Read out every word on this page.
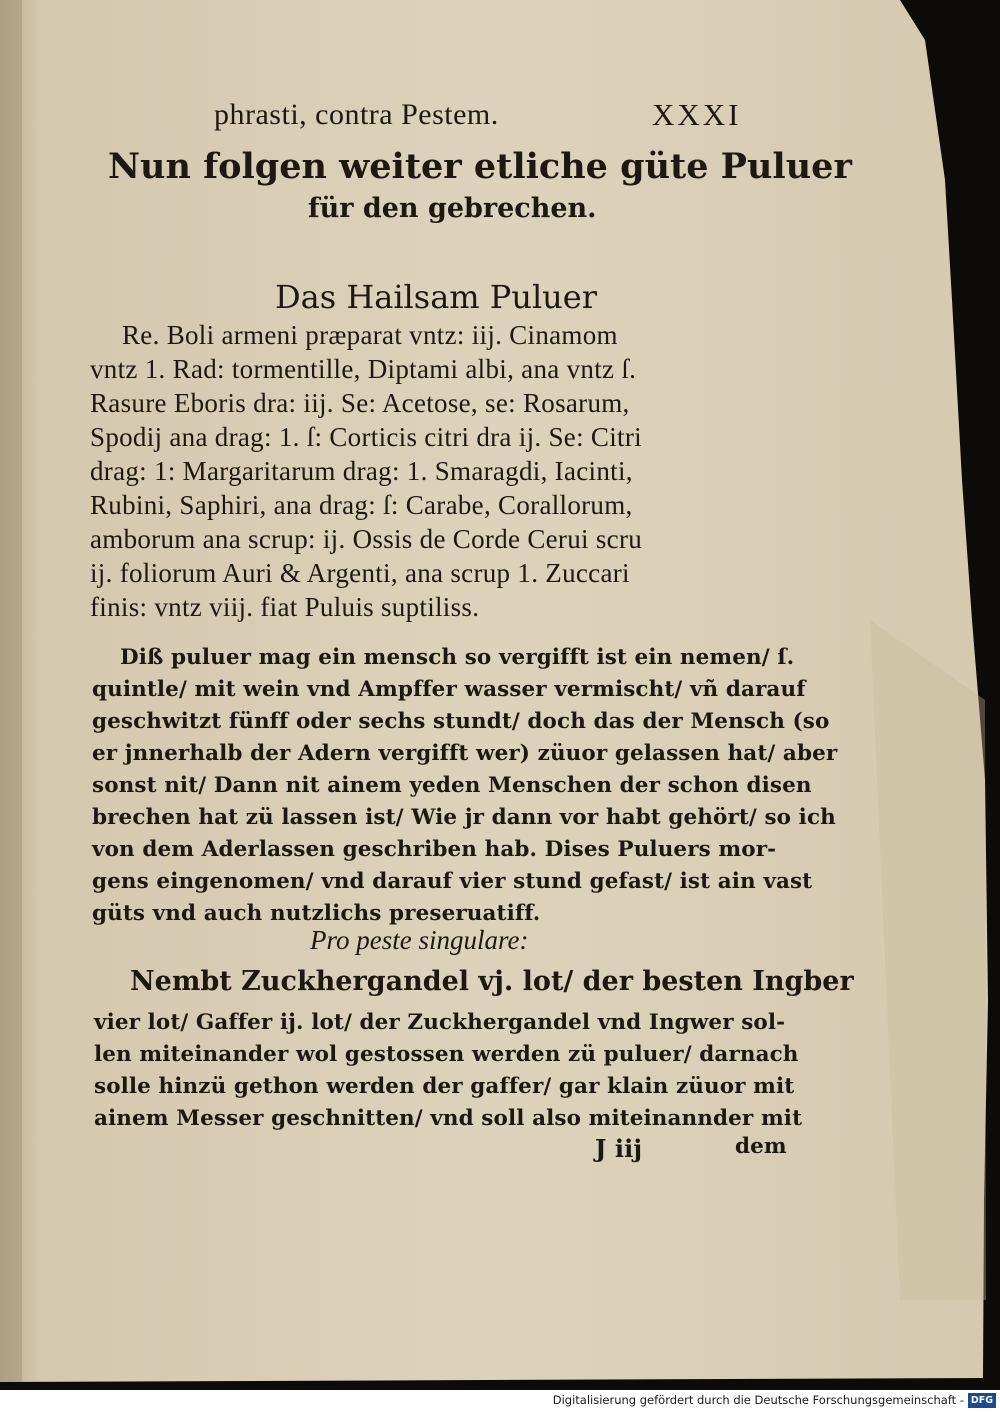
phrasti, contra Pestem.	XXXI
Nun folgen weiter etliche güte Puluer
für den gebrechen.
Das Hailsam Puluer
Re. Boli armeni præparat vntz: iij. Cinamom
vntz 1. Rad: tormentille, Diptami albi, ana vntz ſ.
Rasure Eboris dra: iij. Se: Acetose, se: Rosarum,
Spodij ana drag: 1. ſ: Corticis citri dra ij. Se: Citri
drag: 1: Margaritarum drag: 1. Smaragdi, Iacinti,
Rubini, Saphiri, ana drag: ſ: Carabe, Corallorum,
amborum ana scrup: ij. Ossis de Corde Cerui scru
ij. foliorum Auri & Argenti, ana scrup 1. Zuccari
finis: vntz viij. fiat Puluis suptiliss.
Diß puluer mag ein mensch so vergifft ist ein nemen/ ſ.
quintle/ mit wein vnd Ampffer wasser vermischt/ vñ darauf
geschwitzt fünff oder sechs stundt/ doch das der Mensch (so
er jnnerhalb der Adern vergifft wer) züuor gelassen hat/ aber
sonst nit/ Dann nit ainem yeden Menschen der schon disen
brechen hat zü lassen ist/ Wie jr dann vor habt gehört/ so ich
von dem Aderlassen geschriben hab. Dises Puluers mor-
gens eingenomen/ vnd darauf vier stund gefast/ ist ain vast
güts vnd auch nutzlichs preseruatiff.
Pro peste singulare:
Nembt Zuckhergandel vj. lot/ der besten Ingber
vier lot/ Gaffer ij. lot/ der Zuckhergandel vnd Ingwer sol-
len miteinander wol gestossen werden zü puluer/ darnach
solle hinzü gethon werden der gaffer/ gar klain züuor mit
ainem Messer geschnitten/ vnd soll also miteinannder mit
J iij	dem
Digitalisierung gefördert durch die Deutsche Forschungsgemeinschaft - DFG
